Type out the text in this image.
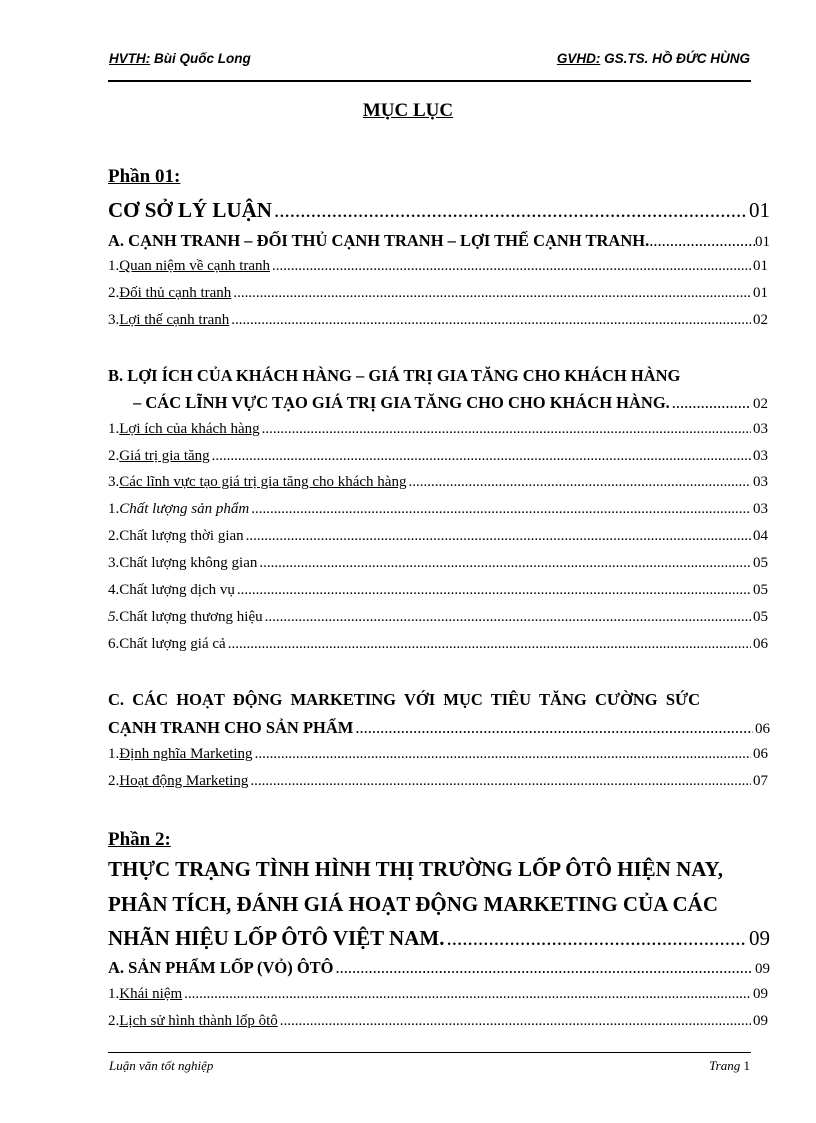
HVTH: Bùi Quốc Long	GVHD: GS.TS. HỒ ĐỨC HÙNG
MỤC LỤC
Phần 01:
CƠ SỞ LÝ LUẬN .....	01
A. CẠNH TRANH – ĐỐI THỦ CẠNH TRANH – LỢI THẾ CẠNH TRANH. .....	01
1. Quan niệm về cạnh tranh .....	01
2. Đối thủ cạnh tranh .....	01
3. Lợi thế cạnh tranh .....	02
B. LỢI ÍCH CỦA KHÁCH HÀNG – GIÁ TRỊ GIA TĂNG CHO KHÁCH HÀNG
– CÁC LĨNH VỰC TẠO GIÁ TRỊ GIA TĂNG CHO CHO KHÁCH HÀNG. .....	02
1. Lợi ích của khách hàng .....	03
2. Giá trị gia tăng .....	03
3. Các lĩnh vực tạo giá trị gia tăng cho khách hàng .....	03
1. Chất lượng sản phẩm .....	03
2. Chất lượng thời gian .....	04
3. Chất lượng không gian .....	05
4. Chất lượng dịch vụ .....	05
5. Chất lượng thương hiệu .....	05
6. Chất lượng giá cả .....	06
C.  CÁC  HOẠT  ĐỘNG  MARKETING  VỚI  MỤC  TIÊU  TĂNG  CƯỜNG  SỨC
CẠNH TRANH CHO SẢN PHẨM .....	06
1. Định nghĩa Marketing .....	06
2. Hoạt động Marketing .....	07
Phần 2:
THỰC TRẠNG TÌNH HÌNH THỊ TRƯỜNG LỐP ÔTÔ HIỆN NAY,
PHÂN TÍCH, ĐÁNH GIÁ HOẠT ĐỘNG MARKETING CỦA CÁC
NHÃN HIỆU LỐP ÔTÔ VIỆT NAM. .....	09
A. SẢN PHẨM LỐP (VỎ) ÔTÔ .....	09
1. Khái niệm .....	09
2. Lịch sử hình thành lốp ôtô .....	09
Luận văn tốt nghiệp	Trang 1
